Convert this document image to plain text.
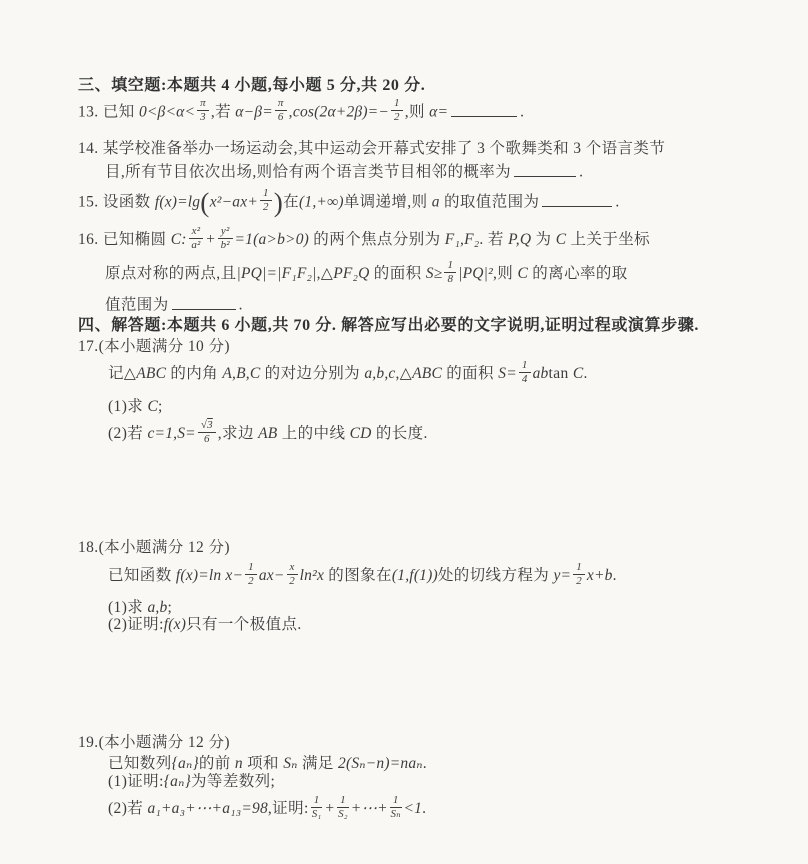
三、填空题:本题共 4 小题,每小题 5 分,共 20 分.
13. 已知 $0<\beta<\alpha< \frac{\pi}{3}$ ,若 $\alpha-\beta= \frac{\pi}{6} ,\cos(2\alpha+2\beta)=- \frac{1}{2}$ ,则 α=	.
14. 某学校准备举办一场运动会,其中运动会开幕式安排了 3 个歌舞类和 3 个语言类节
目,所有节目依次出场,则恰有两个语言类节目相邻的概率为	.
15. 设函数 $f(x)=\lg(x^2-ax+ \frac{1}{2}$ )在(1,+∞)单调递增,则 a 的取值范围为	.
16. 已知椭圆 C: $\frac{\text{x²}}{\text{a²}} + \frac{\text{y²}}{\text{b²}} =1(a>b>0)$ 的两个焦点分别为 F₁,F₂. 若 P,Q 为 C 上关于坐标
原点对称的两点,且|PQ|=|F₁F₂|,△PF₂Q 的面积 $S\ge \frac{1}{8} |PQ|^2$,则 C 的离心率的取
值范围为	.
四、解答题:本题共 6 小题,共 70 分. 解答应写出必要的文字说明,证明过程或演算步骤.
17.(本小题满分 10 分)
记△ABC 的内角 A,B,C 的对边分别为 a,b,c,△ABC 的面积 $S= \frac{1}{4}$ abtan C.
(1)求 C;
(2)若 $c=1,S= \frac{√3}{6}$ ,求边 AB 上的中线 CD 的长度.
18.(本小题满分 12 分)
已知函数 f(x)=ln $x- \frac{1}{2} ax- \frac{x}{2} \ln^2x$ 的图象在(1,f(1))处的切线方程为 $y= \frac{1}{2} x+b$.
(1)求 a,b;
(2)证明:f(x)只有一个极值点.
19.(本小题满分 12 分)
已知数列{aₙ}的前 n 项和 Sₙ 满足 2(Sₙ−n)=naₙ.
(1)证明:{aₙ}为等差数列;
(2)若 a₁+a₃+⋯+a₁₃=98,证明: $\frac{1}{\text{S₁}} + \frac{1}{\text{S₂}}$ +⋯+ $\frac{1}{\text{Sₙ}} <1$.
